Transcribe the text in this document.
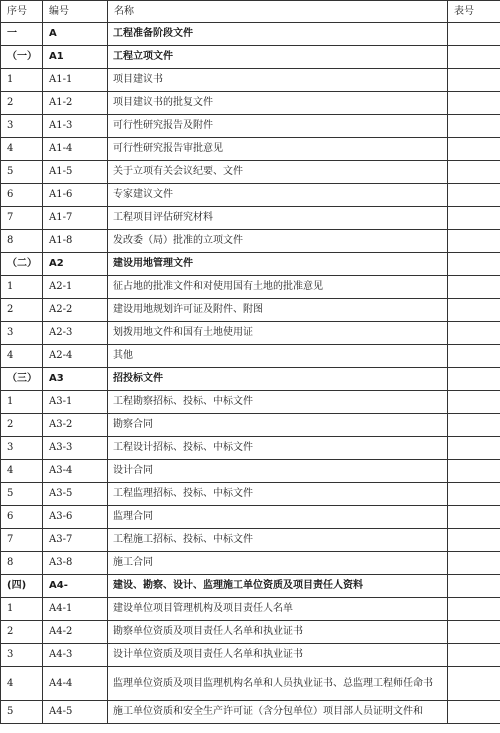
序号	编号	名称	表号
一	A	工程准备阶段文件	
（一）	A1	工程立项文件	
1	A1-1	项目建议书	
2	A1-2	项目建议书的批复文件	
3	A1-3	可行性研究报告及附件	
4	A1-4	可行性研究报告审批意见	
5	A1-5	关于立项有关会议纪要、文件	
6	A1-6	专家建议文件	
7	A1-7	工程项目评估研究材料	
8	A1-8	发改委（局）批准的立项文件	
（二）	A2	建设用地管理文件	
1	A2-1	征占地的批准文件和对使用国有土地的批准意见	
2	A2-2	建设用地规划许可证及附件、附图	
3	A2-3	划拨用地文件和国有土地使用证	
4	A2-4	其他	
（三）	A3	招投标文件	
1	A3-1	工程勘察招标、投标、中标文件	
2	A3-2	勘察合同	
3	A3-3	工程设计招标、投标、中标文件	
4	A3-4	设计合同	
5	A3-5	工程监理招标、投标、中标文件	
6	A3-6	监理合同	
7	A3-7	工程施工招标、投标、中标文件	
8	A3-8	施工合同	
(四)	A4-	建设、勘察、设计、监理施工单位资质及项目责任人资料	
1	A4-1	建设单位项目管理机构及项目责任人名单	
2	A4-2	勘察单位资质及项目责任人名单和执业证书	
3	A4-3	设计单位资质及项目责任人名单和执业证书	
4	A4-4	监理单位资质及项目监理机构名单和人员执业证书、总监理工程师任命书	
5	A4-5	施工单位资质和安全生产许可证（含分包单位）项目部人员证明文件和	
